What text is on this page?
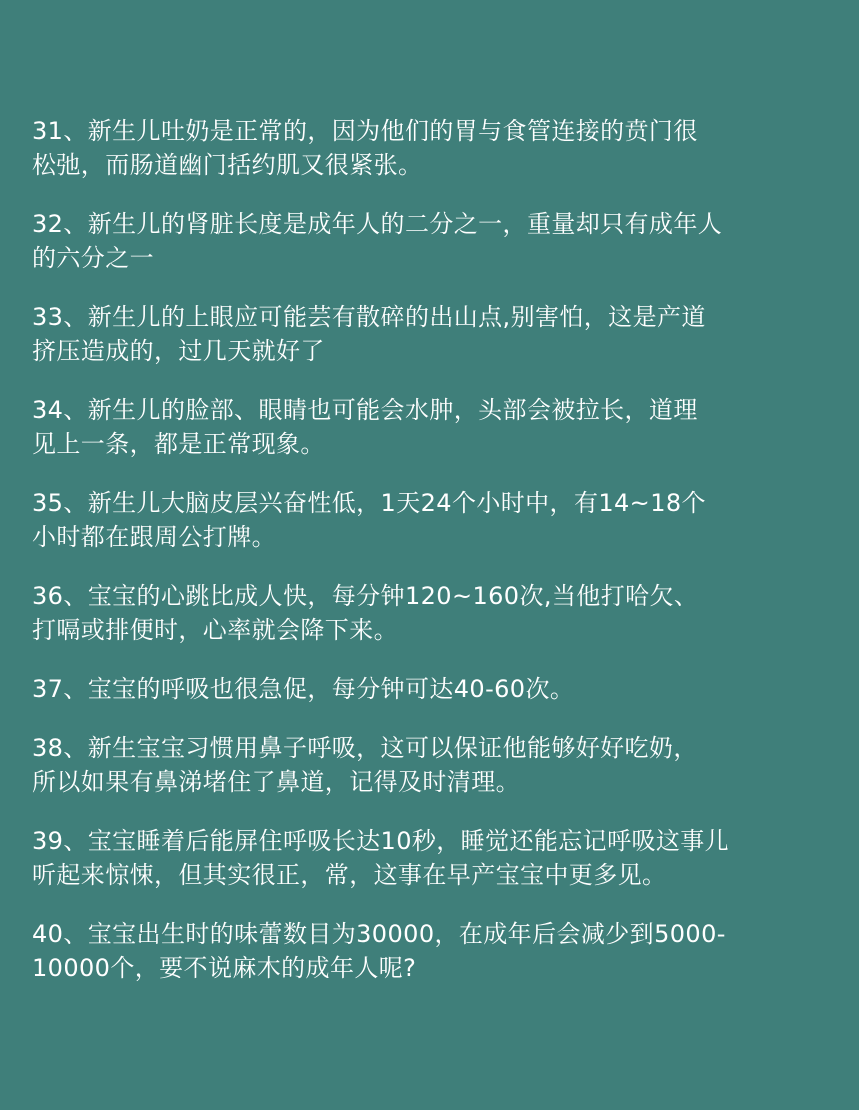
31、新生儿吐奶是正常的，因为他们的胃与食管连接的贲门很
松弛，而肠道幽门括约肌又很紧张。

32、新生儿的肾脏长度是成年人的二分之一，重量却只有成年人
的六分之一

33、新生儿的上眼应可能芸有散碎的出山点,别害怕，这是产道
挤压造成的，过几天就好了

34、新生儿的脸部、眼睛也可能会水肿，头部会被拉长，道理
见上一条，都是正常现象。

35、新生儿大脑皮层兴奋性低，1天24个小时中，有14~18个
小时都在跟周公打牌。

36、宝宝的心跳比成人快，每分钟120~160次,当他打哈欠、
打嗝或排便时，心率就会降下来。

37、宝宝的呼吸也很急促，每分钟可达40-60次。

38、新生宝宝习惯用鼻子呼吸，这可以保证他能够好好吃奶，
所以如果有鼻涕堵住了鼻道，记得及时清理。

39、宝宝睡着后能屏住呼吸长达10秒，睡觉还能忘记呼吸这事儿
听起来惊悚，但其实很正，常，这事在早产宝宝中更多见。

40、宝宝出生时的味蕾数目为30000，在成年后会减少到5000-
10000个，要不说麻木的成年人呢?
